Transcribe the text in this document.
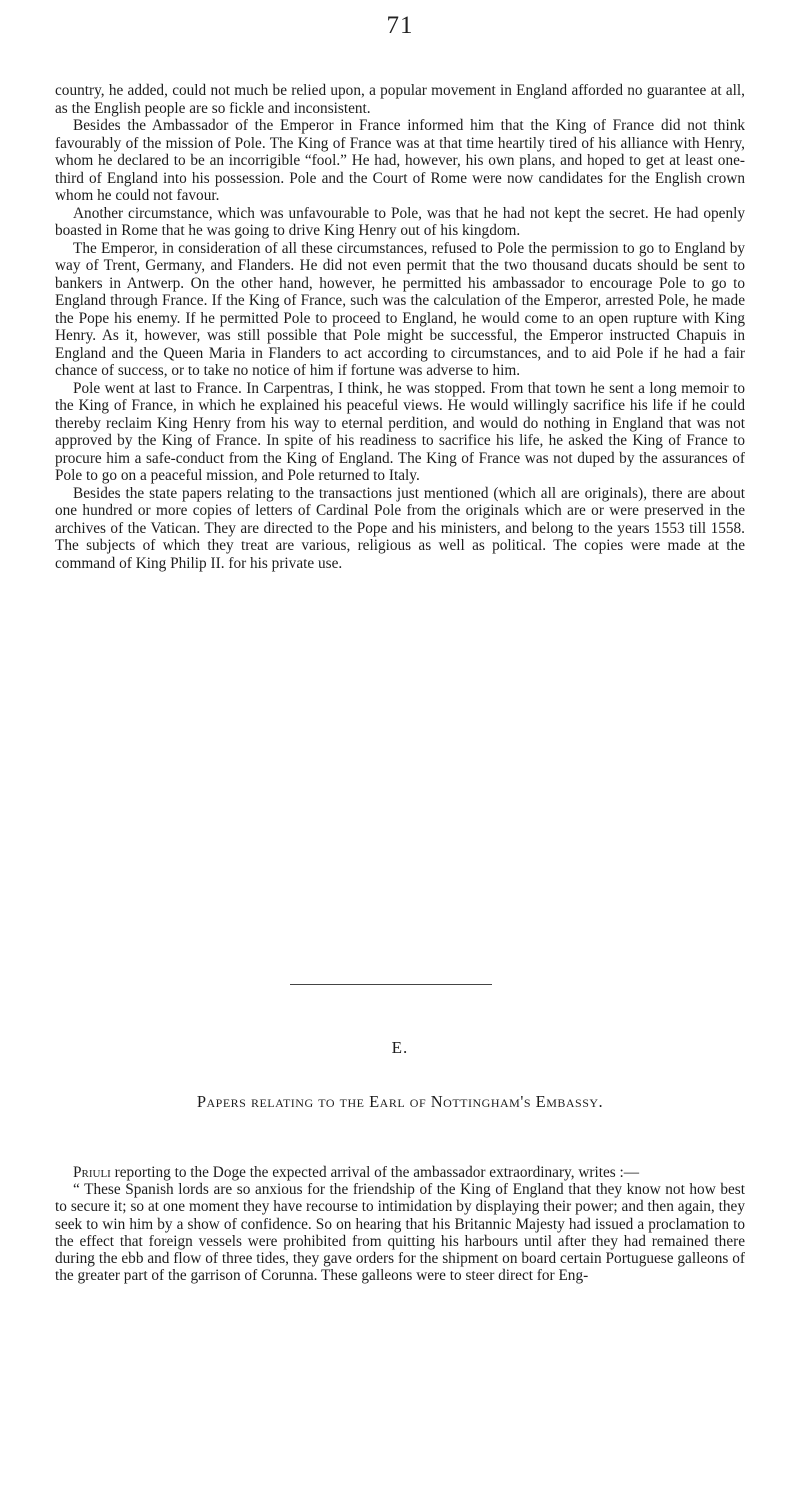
71

country, he added, could not much be relied upon, a popular movement in England afforded no guarantee at all, as the English people are so fickle and inconsistent.

Besides the Ambassador of the Emperor in France informed him that the King of France did not think favourably of the mission of Pole. The King of France was at that time heartily tired of his alliance with Henry, whom he declared to be an incorrigible “fool.” He had, however, his own plans, and hoped to get at least one-third of England into his possession. Pole and the Court of Rome were now candidates for the English crown whom he could not favour.

Another circumstance, which was unfavourable to Pole, was that he had not kept the secret. He had openly boasted in Rome that he was going to drive King Henry out of his kingdom.

The Emperor, in consideration of all these circumstances, refused to Pole the permission to go to England by way of Trent, Germany, and Flanders. He did not even permit that the two thousand ducats should be sent to bankers in Antwerp. On the other hand, however, he permitted his ambassador to encourage Pole to go to England through France. If the King of France, such was the calculation of the Emperor, arrested Pole, he made the Pope his enemy. If he permitted Pole to proceed to England, he would come to an open rupture with King Henry. As it, however, was still possible that Pole might be successful, the Emperor instructed Chapuis in England and the Queen Maria in Flanders to act according to circumstances, and to aid Pole if he had a fair chance of success, or to take no notice of him if fortune was adverse to him.

Pole went at last to France. In Carpentras, I think, he was stopped. From that town he sent a long memoir to the King of France, in which he explained his peaceful views. He would willingly sacrifice his life if he could thereby reclaim King Henry from his way to eternal perdition, and would do nothing in England that was not approved by the King of France. In spite of his readiness to sacrifice his life, he asked the King of France to procure him a safe-conduct from the King of England. The King of France was not duped by the assurances of Pole to go on a peaceful mission, and Pole returned to Italy.

Besides the state papers relating to the transactions just mentioned (which all are originals), there are about one hundred or more copies of letters of Cardinal Pole from the originals which are or were preserved in the archives of the Vatican. They are directed to the Pope and his ministers, and belong to the years 1553 till 1558. The subjects of which they treat are various, religious as well as political. The copies were made at the command of King Philip II. for his private use.

E.
Papers relating to the Earl of Nottingham's Embassy.

Priuli reporting to the Doge the expected arrival of the ambassador extraordinary, writes :—

“ These Spanish lords are so anxious for the friendship of the King of England that they know not how best to secure it; so at one moment they have recourse to intimidation by displaying their power; and then again, they seek to win him by a show of confidence. So on hearing that his Britannic Majesty had issued a proclamation to the effect that foreign vessels were prohibited from quitting his harbours until after they had remained there during the ebb and flow of three tides, they gave orders for the shipment on board certain Portuguese galleons of the greater part of the garrison of Corunna. These galleons were to steer direct for Eng-
